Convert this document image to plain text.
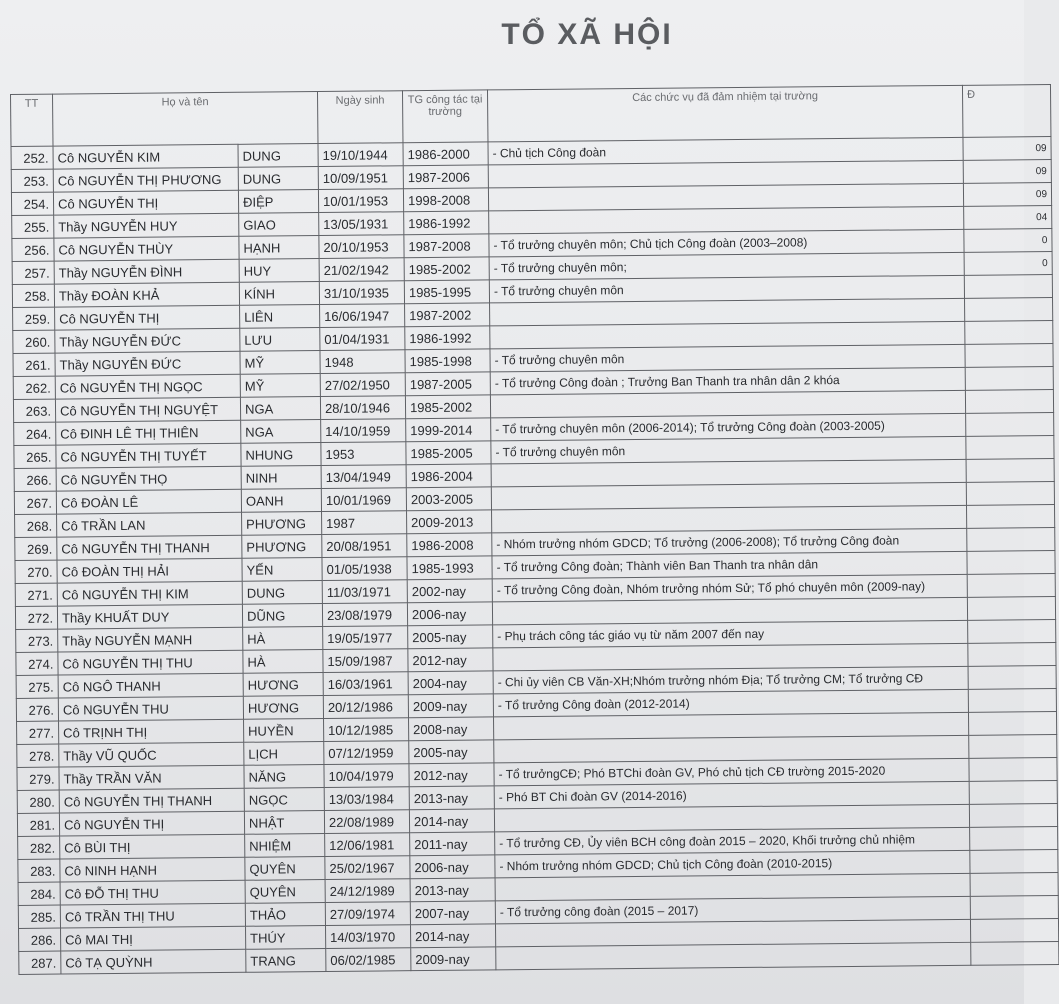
TỔ XÃ HỘI
TT	Họ và tên		Ngày sinh	TG công tác tại trường	Các chức vụ đã đảm nhiệm tại trường	Đ
252.	Cô NGUYỄN KIM	DUNG	19/10/1944	1986-2000	- Chủ tịch Công đoàn	09
253.	Cô NGUYỄN THỊ PHƯƠNG	DUNG	10/09/1951	1987-2006		09
254.	Cô NGUYỄN THỊ	ĐIỆP	10/01/1953	1998-2008		09
255.	Thầy NGUYỄN HUY	GIAO	13/05/1931	1986-1992		04
256.	Cô NGUYỄN THÙY	HẠNH	20/10/1953	1987-2008	- Tổ trưởng chuyên môn; Chủ tịch Công đoàn (2003–2008)	0
257.	Thầy NGUYỄN ĐÌNH	HUY	21/02/1942	1985-2002	- Tổ trưởng chuyên môn;	0
258.	Thầy ĐOÀN KHẢ	KÍNH	31/10/1935	1985-1995	- Tổ trưởng chuyên môn	
259.	Cô NGUYỄN THỊ	LIÊN	16/06/1947	1987-2002		
260.	Thầy NGUYỄN ĐỨC	LƯU	01/04/1931	1986-1992		
261.	Thầy NGUYỄN ĐỨC	MỸ	1948	1985-1998	- Tổ trưởng chuyên môn	
262.	Cô NGUYỄN THỊ NGỌC	MỸ	27/02/1950	1987-2005	- Tổ trưởng Công đoàn ; Trưởng Ban Thanh tra nhân dân 2 khóa	
263.	Cô NGUYỄN THỊ NGUYỆT	NGA	28/10/1946	1985-2002		
264.	Cô ĐINH LÊ THỊ THIÊN	NGA	14/10/1959	1999-2014	- Tổ trưởng chuyên môn (2006-2014); Tổ trưởng Công đoàn (2003-2005)	
265.	Cô NGUYỄN THỊ TUYẾT	NHUNG	1953	1985-2005	- Tổ trưởng chuyên môn	
266.	Cô NGUYỄN THỌ	NINH	13/04/1949	1986-2004		
267.	Cô ĐOÀN LÊ	OANH	10/01/1969	2003-2005		
268.	Cô TRẦN LAN	PHƯƠNG	1987	2009-2013		
269.	Cô NGUYỄN THỊ THANH	PHƯƠNG	20/08/1951	1986-2008	- Nhóm trưởng nhóm GDCD; Tổ trưởng (2006-2008); Tổ trưởng Công đoàn	
270.	Cô ĐOÀN THỊ HẢI	YẾN	01/05/1938	1985-1993	- Tổ trưởng Công đoàn; Thành viên Ban Thanh tra nhân dân	
271.	Cô NGUYỄN THỊ KIM	DUNG	11/03/1971	2002-nay	- Tổ trưởng Công đoàn, Nhóm trưởng nhóm Sử; Tổ phó chuyên môn (2009-nay)	
272.	Thầy KHUẤT DUY	DŨNG	23/08/1979	2006-nay		
273.	Thầy NGUYỄN MẠNH	HÀ	19/05/1977	2005-nay	- Phụ trách công tác giáo vụ từ năm 2007 đến nay	
274.	Cô NGUYỄN THỊ THU	HÀ	15/09/1987	2012-nay		
275.	Cô NGÔ THANH	HƯƠNG	16/03/1961	2004-nay	- Chi ủy viên CB Văn-XH;Nhóm trưởng nhóm Địa; Tổ trưởng CM; Tổ trưởng CĐ	
276.	Cô NGUYỄN THU	HƯƠNG	20/12/1986	2009-nay	- Tổ trưởng Công đoàn (2012-2014)	
277.	Cô TRỊNH THỊ	HUYỀN	10/12/1985	2008-nay		
278.	Thầy VŨ QUỐC	LỊCH	07/12/1959	2005-nay		
279.	Thầy TRẦN VĂN	NĂNG	10/04/1979	2012-nay	- Tổ trưởngCĐ; Phó BTChi đoàn GV, Phó chủ tịch CĐ trường 2015-2020	
280.	Cô NGUYỄN THỊ THANH	NGỌC	13/03/1984	2013-nay	- Phó BT Chi đoàn GV (2014-2016)	
281.	Cô NGUYỄN THỊ	NHẬT	22/08/1989	2014-nay		
282.	Cô BÙI THỊ	NHIỆM	12/06/1981	2011-nay	- Tổ trưởng CĐ, Ủy viên BCH công đoàn 2015 – 2020, Khối trưởng chủ nhiệm	
283.	Cô NINH HẠNH	QUYÊN	25/02/1967	2006-nay	- Nhóm trưởng nhóm GDCD; Chủ tịch Công đoàn (2010-2015)	
284.	Cô ĐỖ THỊ THU	QUYÊN	24/12/1989	2013-nay		
285.	Cô TRẦN THỊ THU	THẢO	27/09/1974	2007-nay	- Tổ trưởng công đoàn (2015 – 2017)	
286.	Cô MAI THỊ	THÚY	14/03/1970	2014-nay		
287.	Cô TẠ QUỲNH	TRANG	06/02/1985	2009-nay		
